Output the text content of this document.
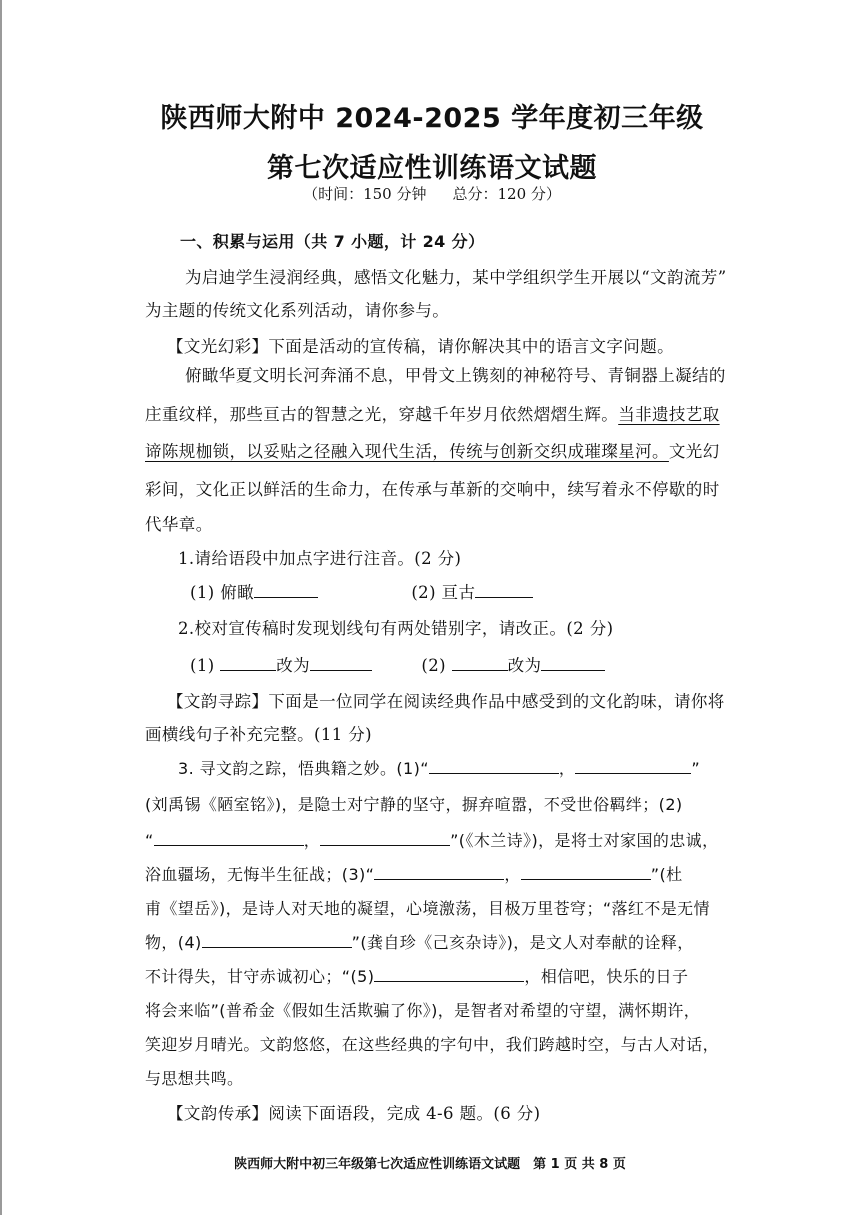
陕西师大附中 2024-2025 学年度初三年级
第七次适应性训练语文试题
（时间：150 分钟 总分：120 分）
一、积累与运用（共 7 小题，计 24 分）
为启迪学生浸润经典，感悟文化魅力，某中学组织学生开展以“文韵流芳”
为主题的传统文化系列活动，请你参与。
【文光幻彩】下面是活动的宣传稿，请你解决其中的语言文字问题。
俯瞰华夏文明长河奔涌不息，甲骨文上镌刻的神秘符号、青铜器上凝结的
庄重纹样，那些亘古的智慧之光，穿越千年岁月依然熠熠生辉。当非遗技艺取
谛陈规枷锁，以妥贴之径融入现代生活，传统与创新交织成璀璨星河。文光幻
彩间，文化正以鲜活的生命力，在传承与革新的交响中，续写着永不停歇的时
代华章。
1.请给语段中加点字进行注音。(2 分)
(1) 俯瞰	(2) 亘古
2.校对宣传稿时发现划线句有两处错别字，请改正。(2 分)
(1)	改为	(2)	改为
【文韵寻踪】下面是一位同学在阅读经典作品中感受到的文化韵味，请你将
画横线句子补充完整。(11 分)
3. 寻文韵之踪，悟典籍之妙。(1)“	，	”
(刘禹锡《陋室铭》)，是隐士对宁静的坚守，摒弃喧嚣，不受世俗羁绊；(2)
“	，	”(《木兰诗》)，是将士对家国的忠诚，
浴血疆场，无悔半生征战；(3)“	，	”(杜
甫《望岳》)，是诗人对天地的凝望，心境激荡，目极万里苍穹；“落红不是无情
物，(4)	”(龚自珍《己亥杂诗》)，是文人对奉献的诠释，
不计得失，甘守赤诚初心；“(5)	，相信吧，快乐的日子
将会来临”(普希金《假如生活欺骗了你》)，是智者对希望的守望，满怀期许，
笑迎岁月晴光。文韵悠悠，在这些经典的字句中，我们跨越时空，与古人对话，
与思想共鸣。
【文韵传承】阅读下面语段，完成 4-6 题。(6 分)
陕西师大附中初三年级第七次适应性训练语文试题　第 1 页 共 8 页
